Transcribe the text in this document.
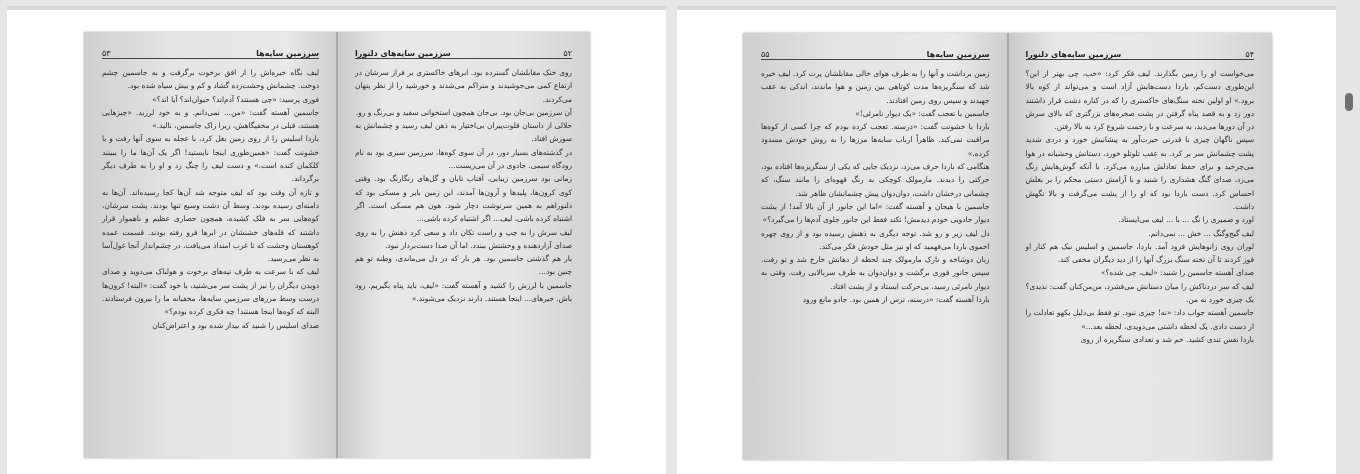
۵۳	سرزمین سایه‌ها

لیف نگاه خیره‌اش را از افق برخوت برگرفت و به جاسمین چشم دوخت. چشمانش وحشت‌زده گشاد و کم و بیش سیاه شده بود.

فوری پرسید: «چی هستند؟ آدم‌اند؟ حیوان‌اند؟ آیا اند؟»

جاسمین آهسته گفت: «من... نمی‌دانم. و به خود لرزید. «چیزهایی هستند، قبلی در مخفیگاهش، زیرا زاک جاسمین، نالید.»

باردا اسلیس را از روی زمین بغل کرد، با عجله به سوی آنها رفت و با خشونت گفت: «همین‌طوری اینجا نایستید! اگر یک آن‌ها ما را ببینند کلکمان کنده است.» و دست لیف را چنگ زد و او را به طرف دیگر برگرداند.

و تازه آن وقت بود که لیف متوجه شد آن‌ها کجا رسیده‌اند. آن‌ها به دامنه‌ای رسیده بودند. وسط آن دشت وسیع تنها بودند. پشت سرشان، کوه‌هایی سر به فلک کشیده، همچون حصاری عظیم و ناهموار قرار داشتند که قله‌های خشنشان در ابرها فرو رفته بودند. قسمت عمده کوهستان وحشت که تا غرب امتداد می‌یافت، در چشم‌انداز آنجا غول‌آسا به نظر می‌رسید.

لیف که با سرعت به طرف تپه‌های برخوت و هولناک می‌دوید و صدای دویدن دیگران را نیز از پشت سر می‌شنید، با خود گفت: «البته! کرون‌ها درست وسط مرزهای سرزمین سایه‌ها، مخفیانه ما را بیرون فرستادند. البته که کوه‌ها اینجا هستند! چه فکری کرده بودم؟»

صدای اسلیس را شنید که بیدار شده بود و اعتراض‌کنان

سرزمین سایه‌های دلنورا	۵۲

روی خنک مقابلشان گسترده بود. ابرهای خاکستری بر فراز سرشان در ارتفاع کمی می‌جوشیدند و متراکم می‌شدند و خورشید را از نظر پنهان می‌کردند.

آن سرزمین بی‌جان بود. بی‌جان همچون استخوانی سفید و بی‌رنگ و رو.

حلالی از داستان قلوت‌پیران بی‌اختیار به ذهن لیف رسید و چشمانش به سوزش افتاد.

در گذشته‌های بسیار دور، در آن سوی کوه‌ها، سرزمین سبزی بود به نام رودگاه سیمی. جادوی در آن می‌زیست...

زمانی بود سرزمین زیبایی، آفتاب تابان و گل‌های رنگارنگ بود. وقتی کوی کرون‌ها، پلیدها و آرون‌ها آمدند، این زمین بایر و مسکی بود که دلنوراهم به همین سرنوشت دچار شود. هون هم مسکی است. اگر اشتباه کرده باشی، لیف... اگر اشتباه کرده باشی...

لیف سرش را به چپ و راست تکان داد و سعی کرد ذهنش را به روی صدای آزاردهنده و وحشتش ببندد. اما آن صدا دست‌بردار نبود.

بار هم گذشتی جاسمین بود. هر بار که در دل می‌ماندی، وطنه تو هم چنین بود...

جاسمین با لرزش را کشید و آهسته گفت: «لیف، باید پناه بگیریم. زود باش. جیرهای... اینجا هستند. دارند نزدیک می‌شوند.»

۵۵	سرزمین سایه‌ها

زمین برداشت و آنها را به طرف هوای خالی مقابلشان پرت کرد. لیف خیره شد که سنگریزه‌ها مدت کوتاهی بین زمین و هوا ماندند، اندکی به عقب جهیدند و سپس روی زمین افتادند.

جاسمین با تعجب گفت: «یک دیوار نامرئی!»

باردا با خشونت گفت: «درسته. تعجب کرده بودم که چرا کسی از کوه‌ها مراقبت نمی‌کند. ظاهراً ارباب سایه‌ها مرزها را به روش خودش مسدود کرده.»

هنگامی که باردا حرف می‌زد، نزدیک جایی که یکی از سنگریزه‌ها افتاده بود، حرکتی را دیدند. مارمولک کوچکی به رنگ قهوه‌ای را مانند سنگ، که چشمانی درخشان داشت، دوان‌دوان پیش چشمانشان ظاهر شد.

جاسمین با هیجان و آهسته گفت: «اما این جانور از آن بالا آمد! از پشت دیوار جادویی خودم دیدمش! نکند فقط این جانور جلوی آدم‌ها را می‌گیرد؟»

دل لیف زیر و رو شد. توجه دیگری به ذهنش رسیده بود و از روی چهره اخموی باردا می‌فهمید که او نیز مثل خودش فکر می‌کند.

زبان دوشاخه و نازک مارمولک چند لحظه از دهانش خارج شد و تو رفت. سپس جانور فوری برگشت و دوان‌دوان به طرف سربالایی رفت. وقتی به دیوار نامرئی رسید، بی‌حرکت ایستاد و از پشت افتاد.

باردا آهسته گفت: «درسته، ترس از همین بود. جادو مانع ورود

سرزمین سایه‌های دلنورا	۵۴

می‌خواست او را زمین بگذارند. لیف فکر کرد: «خب، چی بهتر از این؟ این‌طوری دست‌کم، باردا دست‌هایش آزاد است و می‌تواند از کوه بالا برود.» او اولین تخته سنگ‌های خاکستری را که در کناره دشت قرار داشتند دور زد و به قصد پناه گرفتن در پشت صخره‌های بزرگتری که بالای سرش در آن دورها می‌دید، به سرعت و با زحمت شروع کرد به بالا رفتن.

سپس ناگهان چیزی با قدرتی حیرت‌آور به پیشانیش خورد و دردی شدید پشت چشمانش سر بر کرد. به عقب تلوتلو خورد، دستانش وحشیانه در هوا می‌چرخید و برای حفظ تعادلش مبارزه می‌کرد. با آنکه گوش‌هایش زنگ می‌زد، صدای گنگ هشداری را شنید و با آرامش دستی محکم را بر بغلش احساس کرد. دست باردا بود که او را از پشت می‌گرفت و بالا نگهش داشت.

اورد و ضمیری را نگ ... با ... لیف می‌ایستاد.

لیف گیج‌وگنگ ... خش ... نمی‌دانم.

لوران روی زانوهایش فرود آمد. باردا، جاسمین و اسلیس نیک هم کنار او قوز کردند تا آن تخته سنگ بزرگ آنها را از دید دیگران مخفی کند.

صدای آهسته جاسمین را شنید: «لیف، چی شده؟»

لیف که سر دردناکش را میان دستانش می‌فشرد، من‌من‌کنان گفت: ندیدی؟ یک چیزی خورد به من.

جاسمین آهسته جواب داد: «نه! چیزی نبود. تو فقط بی‌دلیل یکهو تعادلت را از دست دادی. یک لحظه داشتی می‌دویدی، لحظه بعد...»

باردا نفس تندی کشید. خم شد و تعدادی سنگریزه از روی
